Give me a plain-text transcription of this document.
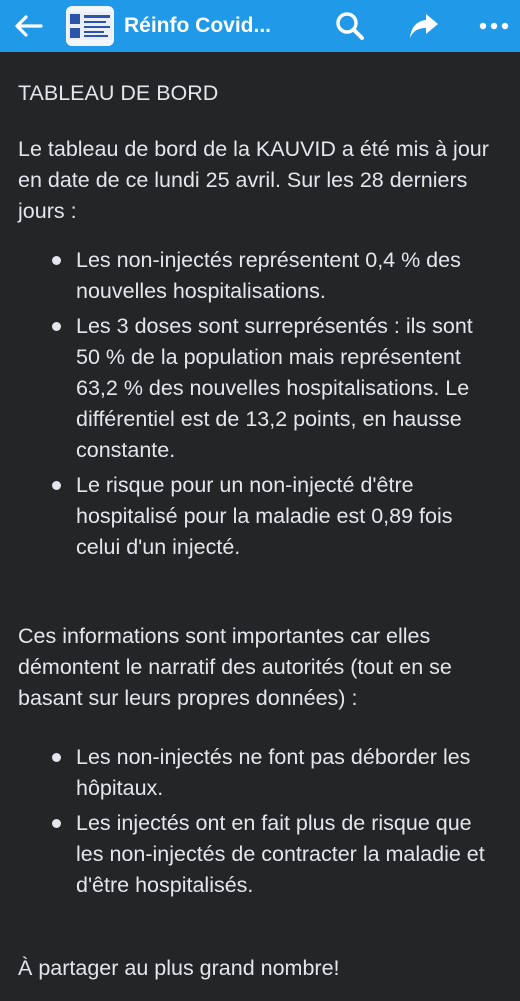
Réinfo Covid...

TABLEAU DE BORD

Le tableau de bord de la KAUVID a été mis à jour en date de ce lundi 25 avril. Sur les 28 derniers jours :

Les non-injectés représentent 0,4 % des nouvelles hospitalisations.
Les 3 doses sont surreprésentés : ils sont 50 % de la population mais représentent 63,2 % des nouvelles hospitalisations. Le différentiel est de 13,2 points, en hausse constante.
Le risque pour un non-injecté d'être hospitalisé pour la maladie est 0,89 fois celui d'un injecté.

Ces informations sont importantes car elles démontent le narratif des autorités (tout en se basant sur leurs propres données) :

Les non-injectés ne font pas déborder les hôpitaux.
Les injectés ont en fait plus de risque que les non-injectés de contracter la maladie et d'être hospitalisés.

À partager au plus grand nombre!
